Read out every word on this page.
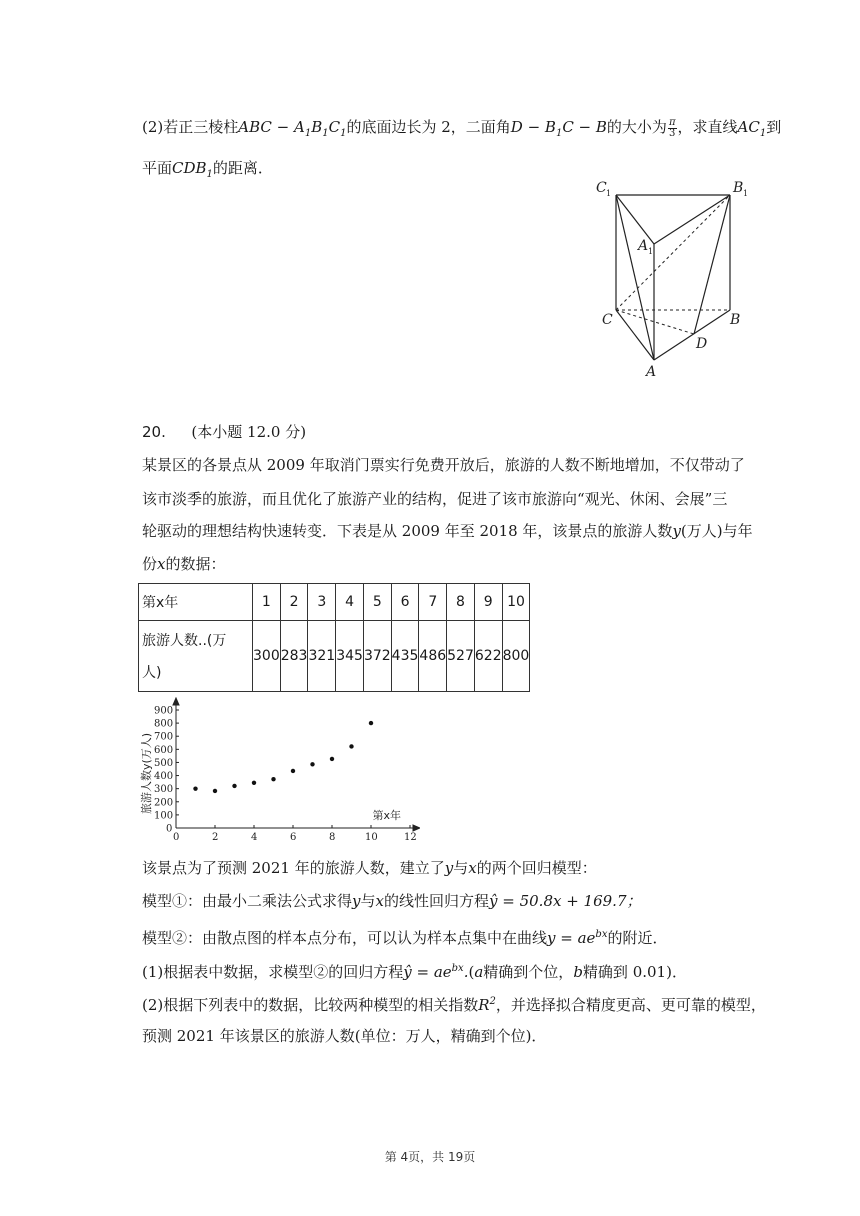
(2)若正三棱柱ABC − $A_1B_1C_1$的底面边长为 2，二面角$D - B_1C - B$的大小为 $\frac{\pi}{3}$ ，求直线$AC_1$到
平面$CDB_1$的距离．
C 1	B 1
A 1
C	B
D
A
20. (本小题 12.0 分)
某景区的各景点从 2009 年取消门票实行免费开放后，旅游的人数不断地增加，不仅带动了
该市淡季的旅游，而且优化了旅游产业的结构，促进了该市旅游向“观光、休闲、会展”三
轮驱动的理想结构快速转变．下表是从 2009 年至 2018 年，该景点的旅游人数y(万人)与年
份x的数据：
第x年	1	2	3	4	5	6	7	8	9	10

旅游人数..(万
人)	300	283	321	345	372	435	486	527	622	800
0	2	4	6	8	10	12
0
100
200
300
400
500
600
700
800
900
旅游人数y(万人)
第x年
该景点为了预测 2021 年的旅游人数，建立了y与x的两个回归模型：
模型①：由最小二乘法公式求得y与x的线性回归方程ŷ = 50.8x + 169.7；
模型②：由散点图的样本点分布，可以认为样本点集中在曲线$y = ae^{bx}$的附近．
(1)根据表中数据，求模型②的回归方程ŷ = $ae^{bx}.(a$精确到个位，b精确到 0.01)．
(2)根据下列表中的数据，比较两种模型的相关指数$R^2$，并选择拟合精度更高、更可靠的模型，
预测 2021 年该景区的旅游人数(单位：万人，精确到个位)．
第 4页，共 19页
